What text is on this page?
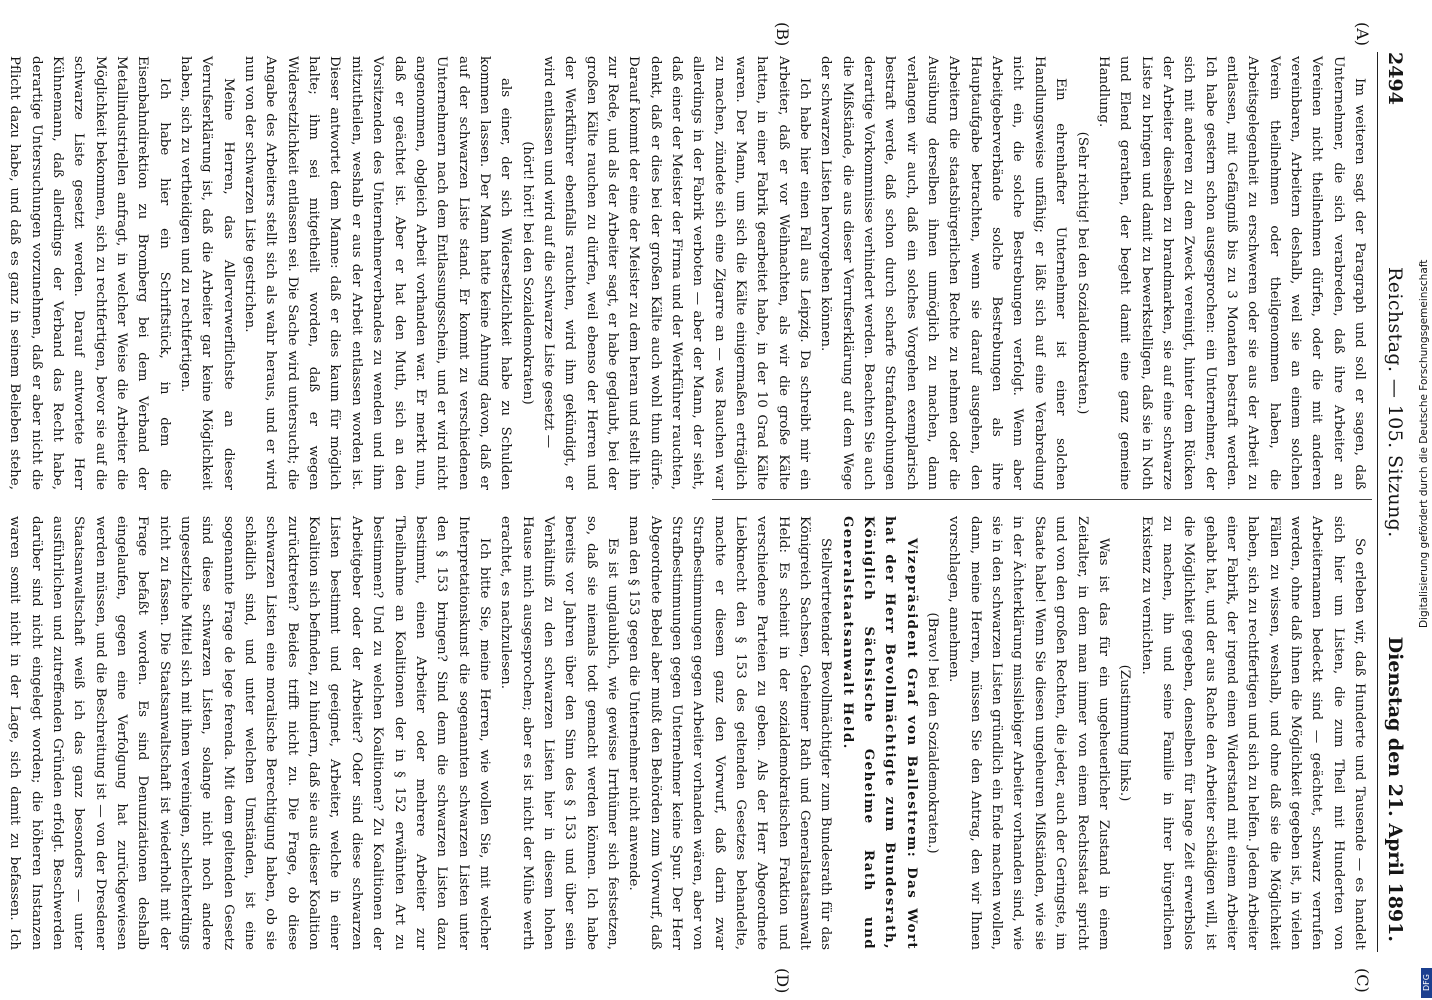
2494
Reichstag. — 105. Sitzung.
Dienstag den 21. April 1891.
(A)
(B)
(C)
(D)

Im weiteren sagt der Paragraph und soll er sagen, daß Unternehmer, die sich verabreden, daß ihre Arbeiter an Vereinen nicht theilnehmen dürfen, oder die mit anderen vereinbaren, Arbeitern deshalb, weil sie an einem solchen Verein theilnehmen oder theilgenommen haben, die Arbeitsgelegenheit zu erschweren oder sie aus der Arbeit zu entlassen, mit Gefängniß bis zu 3 Monaten bestraft werden. Ich habe gestern schon ausgesprochen: ein Unternehmer, der sich mit anderen zu dem Zweck vereinigt, hinter dem Rücken der Arbeiter dieselben zu brandmarken, sie auf eine schwarze Liste zu bringen und damit zu bewerkstelligen, daß sie in Noth und Elend gerathen, der begeht damit eine ganz gemeine Handlung.

(Sehr richtig! bei den Sozialdemokraten.)

Ein ehrenhafter Unternehmer ist einer solchen Handlungsweise unfähig; er läßt sich auf eine Verabredung nicht ein, die solche Bestrebungen verfolgt. Wenn aber Arbeitgeberverbände solche Bestrebungen als ihre Hauptaufgabe betrachten, wenn sie darauf ausgehen, den Arbeitern die staatsbürgerlichen Rechte zu nehmen oder die Ausübung derselben ihnen unmöglich zu machen, dann verlangen wir auch, daß ein solches Vorgehen exemplarisch bestraft werde, daß schon durch scharfe Strafandrohungen derartige Vorkommnisse verhindert werden. Beachten Sie auch die Mißstände, die aus dieser Verrufserklärung auf dem Wege der schwarzen Listen hervorgehen können.

Ich habe hier einen Fall aus Leipzig. Da schreibt mir ein Arbeiter, daß er vor Weihnachten, als wir die große Kälte hatten, in einer Fabrik gearbeitet habe, in der 10 Grad Kälte waren. Der Mann, um sich die Kälte einigermaßen erträglich zu machen, zündete sich eine Zigarre an — was Rauchen war allerdings in der Fabrik verboten — aber der Mann, der sieht, daß einer der Meister der Firma und der Werkführer rauchten, denkt, daß er dies bei der großen Kälte auch wohl thun dürfe. Darauf kommt der eine der Meister zu dem heran und stellt ihn zur Rede, und als der Arbeiter sagt, er habe geglaubt, bei der großen Kälte rauchen zu dürfen, weil ebenso der Herren und der Werkführer ebenfalls rauchten, wird ihm gekündigt, er wird entlassen und wird auf die schwarze Liste gesetzt —

(hört! hört! bei den Sozialdemokraten)

als einer, der sich Widersetzlichkeit habe zu Schulden kommen lassen. Der Mann hatte keine Ahnung davon, daß er auf der schwarzen Liste stand. Er kommt zu verschiedenen Unternehmern nach dem Entlassungsschein, und er wird nicht angenommen, obgleich Arbeit vorhanden war. Er merkt nun, daß er geächtet ist. Aber er hat den Muth, sich an den Vorsitzenden des Unternehmerverbandes zu wenden und ihm mitzutheilen, weshalb er aus der Arbeit entlassen worden ist. Dieser antwortet dem Manne: daß er dies kaum für möglich halte; ihm sei mitgetheilt worden, daß er wegen Widersetzlichkeit entlassen sei. Die Sache wird untersucht; die Angabe des Arbeiters stellt sich als wahr heraus, und er wird nun von der schwarzen Liste gestrichen.

Meine Herren, das Allerverwerflichste an dieser Verrufserklärung ist, daß die Arbeiter gar keine Möglichkeit haben, sich zu vertheidigen und zu rechtfertigen.

Ich habe hier ein Schriftstück, in dem die Eisenbahndirektion zu Bromberg bei dem Verband der Metallindustriellen anfragt, in welcher Weise die Arbeiter die Möglichkeit bekommen, sich zu rechtfertigen, bevor sie auf die schwarze Liste gesetzt werden. Darauf antwortete Herr Kühnemann, daß allerdings der Verband das Recht habe, derartige Untersuchungen vorzunehmen, daß er aber nicht die Pflicht dazu habe, und daß es ganz in seinem Belieben stehe,

So erleben wir, daß Hunderte und Tausende — es handelt sich hier um Listen, die zum Theil mit Hunderten von Arbeiternamen bedeckt sind — geächtet, schwarz verrufen werden, ohne daß ihnen die Möglichkeit gegeben ist, in vielen Fällen zu wissen, weshalb, und ohne daß sie die Möglichkeit haben, sich zu rechtfertigen und sich zu helfen. Jedem Arbeiter einer Fabrik, der irgend einen Widerstand mit einem Arbeiter gehabt hat, und der aus Rache den Arbeiter schädigen will, ist die Möglichkeit gegeben, denselben für lange Zeit erwerbslos zu machen, ihn und seine Familie in ihrer bürgerlichen Existenz zu vernichten.

(Zustimmung links.)

Was ist das für ein ungeheuerlicher Zustand in einem Zeitalter, in dem man immer von einem Rechtsstaat spricht und von den großen Rechten, die jeder, auch der Geringste, im Staate habe! Wenn Sie diesen ungeheuren Mißständen, wie sie in der Ächterklärung missliebiger Arbeiter vorhanden sind, wie sie in den schwarzen Listen gründlich ein Ende machen wollen, dann, meine Herren, müssen Sie den Antrag, den wir Ihnen vorschlagen, annehmen.

(Bravo! bei den Sozialdemokraten.)

Vizepräsident Graf von Ballestrem: Das Wort hat der Herr Bevollmächtigte zum Bundesrath, Königlich Sächsische Geheime Rath und Generalstaatsanwalt Held.

Stellvertretender Bevollmächtigter zum Bundesrath für das Königreich Sachsen, Geheimer Rath und Generalstaatsanwalt Held: Es scheint in der sozialdemokratischen Fraktion und verschiedene Parteien zu geben. Als der Herr Abgeordnete Liebknecht den § 153 des geltenden Gesetzes behandelte, machte er diesem ganz den Vorwurf, daß darin zwar Strafbestimmungen gegen Arbeiter vorhanden wären, aber von Strafbestimmungen gegen Unternehmer keine Spur. Der Herr Abgeordnete Bebel aber mußt den Behörden zum Vorwurf, daß man den § 153 gegen die Unternehmer nicht anwende.

Es ist unglaublich, wie gewisse Irrthümer sich festsetzen, so, daß sie niemals todt gemacht werden können. Ich habe bereits vor Jahren über den Sinn des § 153 und über sein Verhältniß zu den schwarzen Listen hier in diesem hohen Hause mich ausgesprochen; aber es ist nicht der Mühe werth erachtet, es nachzulesen.

Ich bitte Sie, meine Herren, wie wollen Sie, mit welcher Interpretationskunst die sogenannten schwarzen Listen unter den § 153 bringen? Sind denn die schwarzen Listen dazu bestimmt, einen Arbeiter oder mehrere Arbeiter zur Theilnahme an Koalitionen der in § 152 erwähnten Art zu bestimmen? Und zu welchen Koalitionen? Zu Koalitionen der Arbeitgeber oder der Arbeiter? Oder sind diese schwarzen Listen bestimmt und geeignet, Arbeiter, welche in einer Koalition sich befinden, zu hindern, daß sie aus dieser Koalition zurücktreten? Beides trifft nicht zu. Die Frage, ob diese schwarzen Listen eine moralische Berechtigung haben, ob sie schädlich sind, und unter welchen Umständen, ist eine sogenannte Frage de lege ferenda. Mit dem geltenden Gesetz sind diese schwarzen Listen, solange nicht noch andere ungesetzliche Mittel sich mit ihnen vereinigen, schlechterdings nicht zu fassen. Die Staatsanwaltschaft ist wiederholt mit der Frage befaßt worden. Es sind Denunziationen deshalb eingelaufen, gegen eine Verfolgung hat zurückgewiesen werden müssen, und die Beschreitung ist — von der Dresdener Staatsanwaltschaft weiß ich das ganz besonders — unter ausführlichen und zutreffenden Gründen erfolgt. Beschwerden darüber sind nicht eingelegt worden; die höheren Instanzen waren somit nicht in der Lage, sich damit zu befassen. Ich

Digitalisierung gefördert durch die Deutsche Forschungsgemeinschaft
DFG
